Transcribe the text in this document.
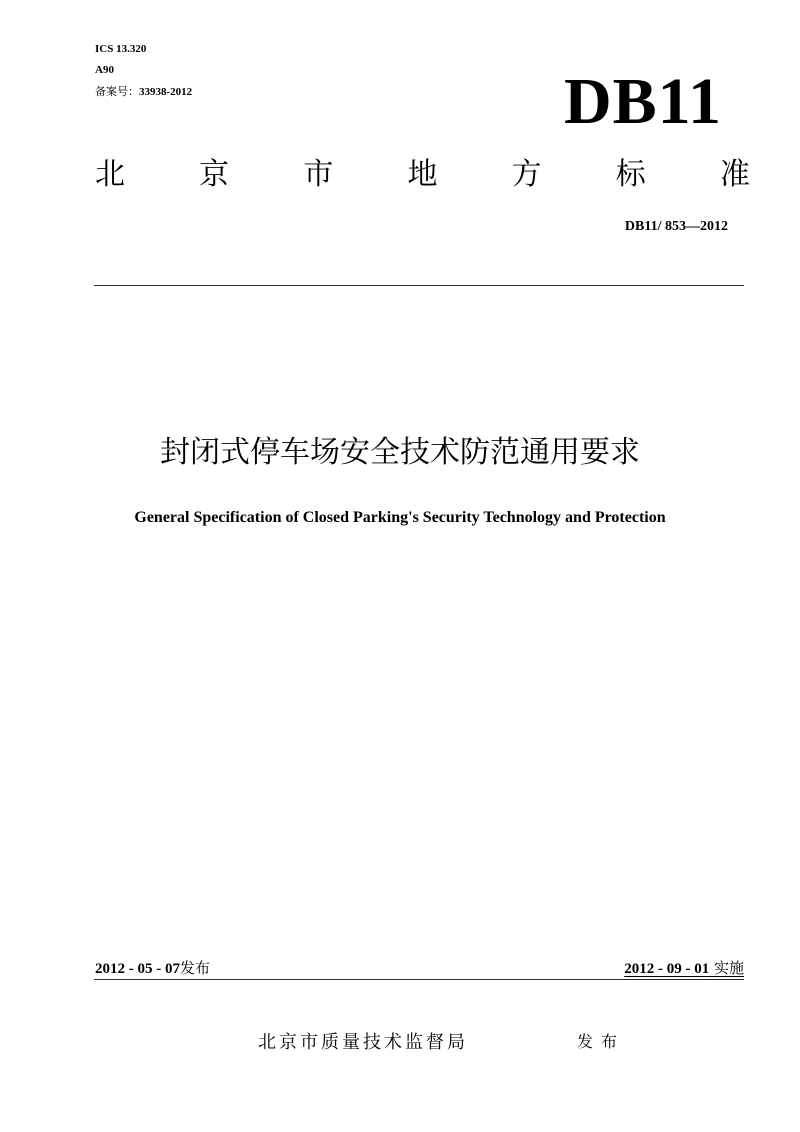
ICS 13.320
A90
备案号：33938-2012	DB11
北 京 市 地 方 标 准
DB11/ 853—2012
封闭式停车场安全技术防范通用要求
General Specification of Closed Parking's Security Technology and Protection
2012 - 05 - 07发布	2012 - 09 - 01 实施
北京市质量技术监督局	发布
